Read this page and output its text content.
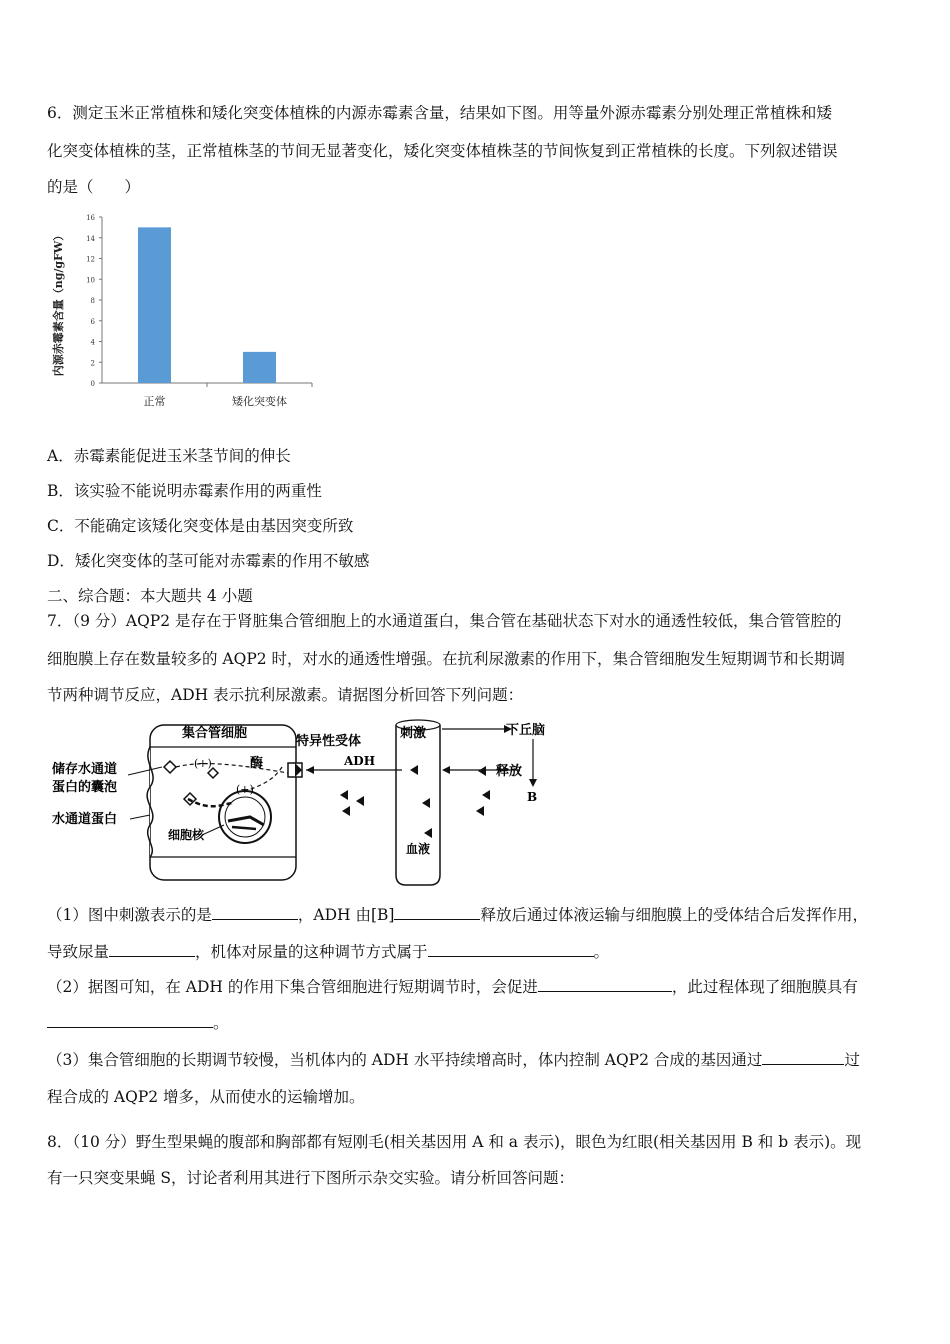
6．测定玉米正常植株和矮化突变体植株的内源赤霉素含量，结果如下图。用等量外源赤霉素分别处理正常植株和矮
化突变体植株的茎，正常植株茎的节间无显著变化，矮化突变体植株茎的节间恢复到正常植株的长度。下列叙述错误
的是（　　）
0
2
4
6
8
10
12
14
16
正常	矮化突变体
内源赤霉素含量（ng/gFW）
A．赤霉素能促进玉米茎节间的伸长
B．该实验不能说明赤霉素作用的两重性
C．不能确定该矮化突变体是由基因突变所致
D．矮化突变体的茎可能对赤霉素的作用不敏感
二、综合题：本大题共 4 小题
7．（9 分）AQP2 是存在于肾脏集合管细胞上的水通道蛋白，集合管在基础状态下对水的通透性较低，集合管管腔的
细胞膜上存在数量较多的 AQP2 时，对水的通透性增强。在抗利尿激素的作用下，集合管细胞发生短期调节和长期调
节两种调节反应，ADH 表示抗利尿激素。请据图分析回答下列问题：
集合管细胞
细胞核
(+)
(+)
酶
特异性受体
ADH
刺激
血液
下丘脑
释放
B
储存水通道
蛋白的囊泡
水通道蛋白
（1）图中刺激表示的是	，ADH 由[B]	释放后通过体液运输与细胞膜上的受体结合后发挥作用，
导致尿量	，机体对尿量的这种调节方式属于	。
（2）据图可知，在 ADH 的作用下集合管细胞进行短期调节时，会促进	，此过程体现了细胞膜具有
。
（3）集合管细胞的长期调节较慢，当机体内的 ADH 水平持续增高时，体内控制 AQP2 合成的基因通过	过
程合成的 AQP2 增多，从而使水的运输增加。
8．（10 分）野生型果蝇的腹部和胸部都有短刚毛(相关基因用 A 和 a 表示)，眼色为红眼(相关基因用 B 和 b 表示)。现
有一只突变果蝇 S，讨论者利用其进行下图所示杂交实验。请分析回答问题：
